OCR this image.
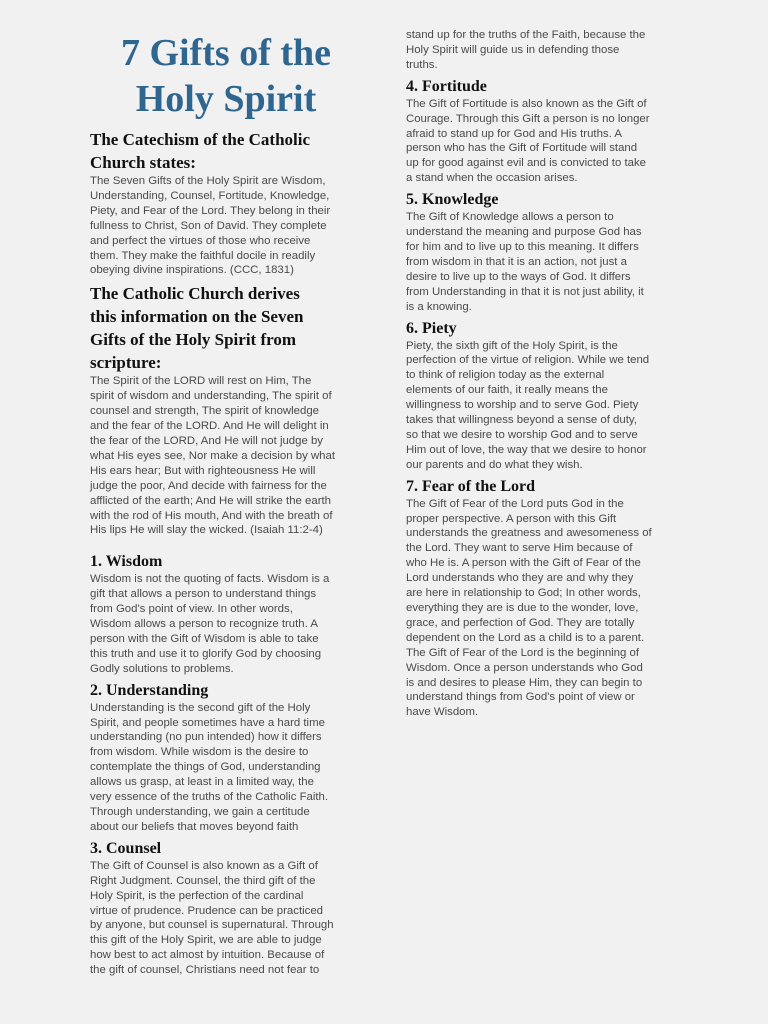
7 Gifts of the
Holy Spirit
The Catechism of the Catholic
Church states:

The Seven Gifts of the Holy Spirit are Wisdom,
Understanding, Counsel, Fortitude, Knowledge,
Piety, and Fear of the Lord. They belong in their
fullness to Christ, Son of David. They complete
and perfect the virtues of those who receive
them. They make the faithful docile in readily
obeying divine inspirations. (CCC, 1831)

The Catholic Church derives
this information on the Seven
Gifts of the Holy Spirit from
scripture:

The Spirit of the LORD will rest on Him, The
spirit of wisdom and understanding, The spirit of
counsel and strength, The spirit of knowledge
and the fear of the LORD. And He will delight in
the fear of the LORD, And He will not judge by
what His eyes see, Nor make a decision by what
His ears hear; But with righteousness He will
judge the poor, And decide with fairness for the
afflicted of the earth; And He will strike the earth
with the rod of His mouth, And with the breath of
His lips He will slay the wicked. (Isaiah 11:2-4)

1. Wisdom

Wisdom is not the quoting of facts. Wisdom is a
gift that allows a person to understand things
from God's point of view. In other words,
Wisdom allows a person to recognize truth. A
person with the Gift of Wisdom is able to take
this truth and use it to glorify God by choosing
Godly solutions to problems.

2. Understanding

Understanding is the second gift of the Holy
Spirit, and people sometimes have a hard time
understanding (no pun intended) how it differs
from wisdom. While wisdom is the desire to
contemplate the things of God, understanding
allows us grasp, at least in a limited way, the
very essence of the truths of the Catholic Faith.
Through understanding, we gain a certitude
about our beliefs that moves beyond faith

3. Counsel

The Gift of Counsel is also known as a Gift of
Right Judgment. Counsel, the third gift of the
Holy Spirit, is the perfection of the cardinal
virtue of prudence. Prudence can be practiced
by anyone, but counsel is supernatural. Through
this gift of the Holy Spirit, we are able to judge
how best to act almost by intuition. Because of
the gift of counsel, Christians need not fear to

stand up for the truths of the Faith, because the
Holy Spirit will guide us in defending those
truths.

4. Fortitude

The Gift of Fortitude is also known as the Gift of
Courage. Through this Gift a person is no longer
afraid to stand up for God and His truths. A
person who has the Gift of Fortitude will stand
up for good against evil and is convicted to take
a stand when the occasion arises.

5. Knowledge

The Gift of Knowledge allows a person to
understand the meaning and purpose God has
for him and to live up to this meaning. It differs
from wisdom in that it is an action, not just a
desire to live up to the ways of God. It differs
from Understanding in that it is not just ability, it
is a knowing.

6. Piety

Piety, the sixth gift of the Holy Spirit, is the
perfection of the virtue of religion. While we tend
to think of religion today as the external
elements of our faith, it really means the
willingness to worship and to serve God. Piety
takes that willingness beyond a sense of duty,
so that we desire to worship God and to serve
Him out of love, the way that we desire to honor
our parents and do what they wish.

7. Fear of the Lord

The Gift of Fear of the Lord puts God in the
proper perspective. A person with this Gift
understands the greatness and awesomeness of
the Lord. They want to serve Him because of
who He is. A person with the Gift of Fear of the
Lord understands who they are and why they
are here in relationship to God; In other words,
everything they are is due to the wonder, love,
grace, and perfection of God. They are totally
dependent on the Lord as a child is to a parent.
The Gift of Fear of the Lord is the beginning of
Wisdom. Once a person understands who God
is and desires to please Him, they can begin to
understand things from God's point of view or
have Wisdom.
